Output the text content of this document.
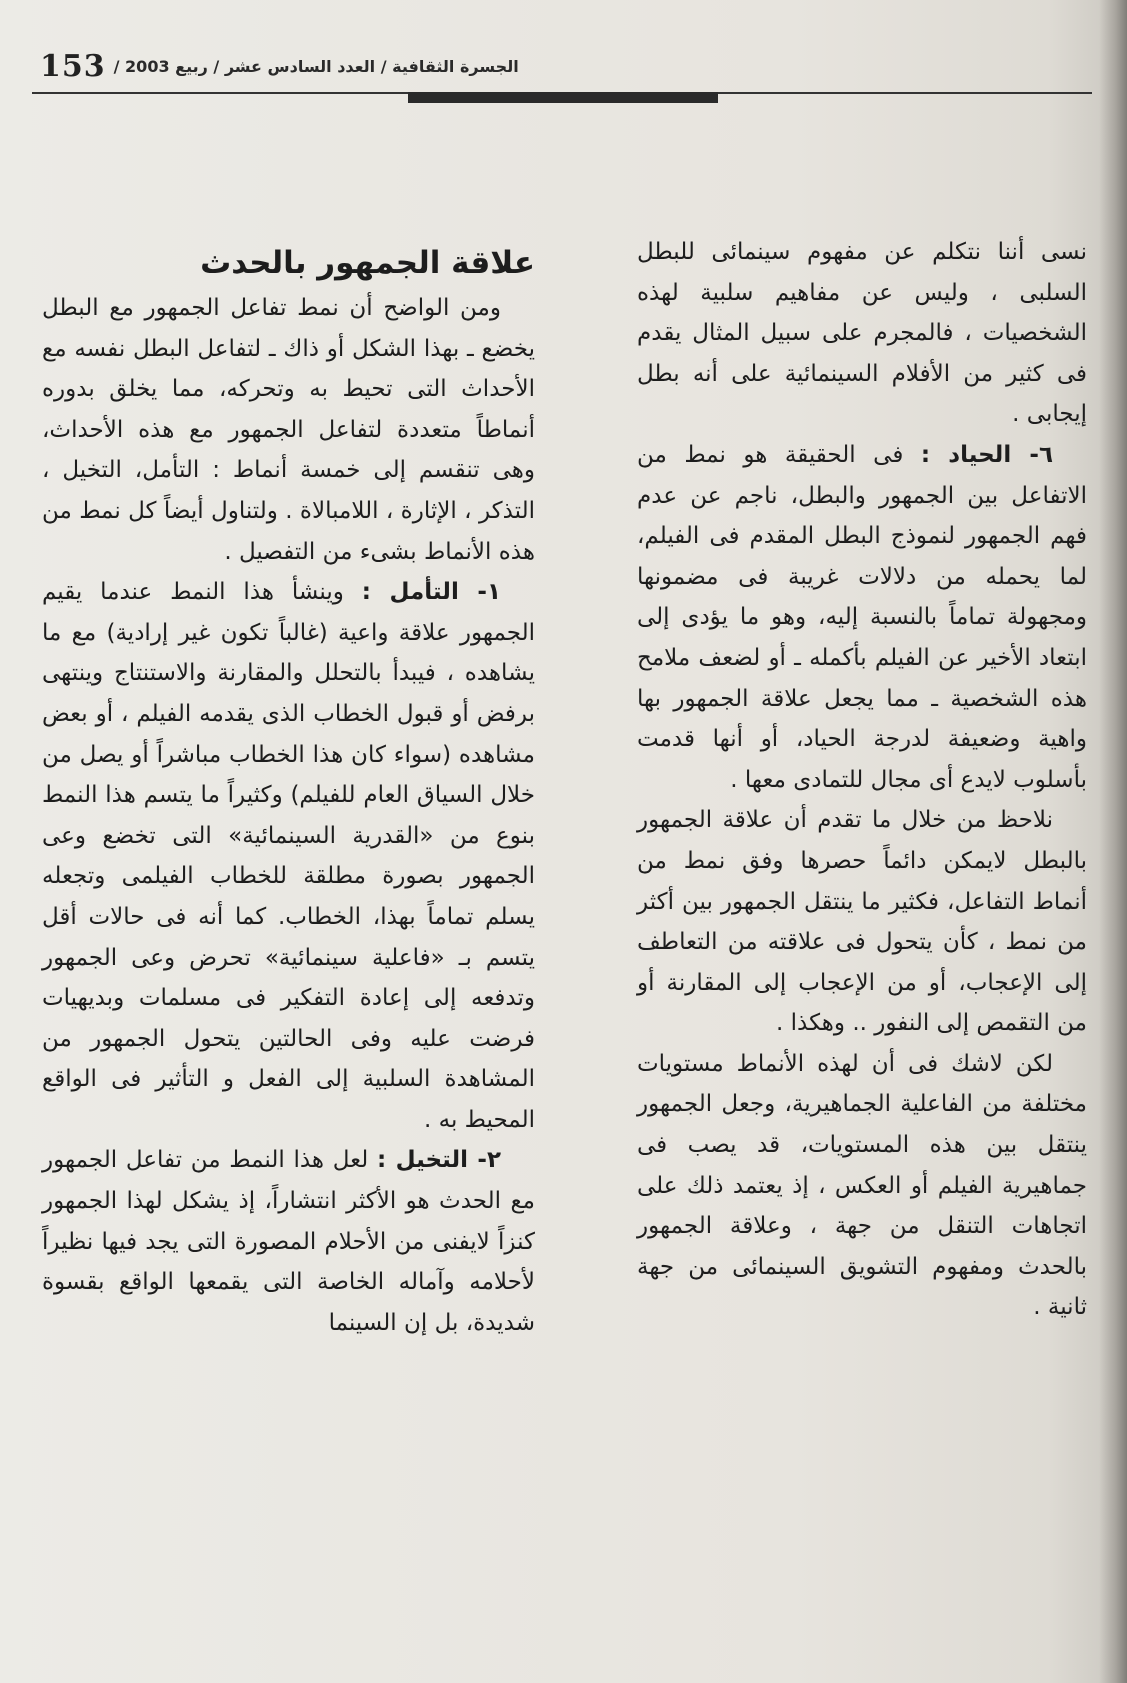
153 الجسرة الثقافية / العدد السادس عشر / ربيع 2003 /

نسى أننا نتكلم عن مفهوم سينمائى للبطل السلبى ، وليس عن مفاهيم سلبية لهذه الشخصيات ، فالمجرم على سبيل المثال يقدم فى كثير من الأفلام السينمائية على أنه بطل إيجابى .

٦- الحياد : فى الحقيقة هو نمط من الاتفاعل بين الجمهور والبطل، ناجم عن عدم فهم الجمهور لنموذج البطل المقدم فى الفيلم، لما يحمله من دلالات غريبة فى مضمونها ومجهولة تماماً بالنسبة إليه، وهو ما يؤدى إلى ابتعاد الأخير عن الفيلم بأكمله ـ أو لضعف ملامح هذه الشخصية ـ مما يجعل علاقة الجمهور بها واهية وضعيفة لدرجة الحياد، أو أنها قدمت بأسلوب لايدع أى مجال للتمادى معها .

نلاحظ من خلال ما تقدم أن علاقة الجمهور بالبطل لايمكن دائماً حصرها وفق نمط من أنماط التفاعل، فكثير ما ينتقل الجمهور بين أكثر من نمط ، كأن يتحول فى علاقته من التعاطف إلى الإعجاب، أو من الإعجاب إلى المقارنة أو من التقمص إلى النفور .. وهكذا .

لكن لاشك فى أن لهذه الأنماط مستويات مختلفة من الفاعلية الجماهيرية، وجعل الجمهور ينتقل بين هذه المستويات، قد يصب فى جماهيرية الفيلم أو العكس ، إذ يعتمد ذلك على اتجاهات التنقل من جهة ، وعلاقة الجمهور بالحدث ومفهوم التشويق السينمائى من جهة ثانية .

علاقة الجمهور بالحدث

ومن الواضح أن نمط تفاعل الجمهور مع البطل يخضع ـ بهذا الشكل أو ذاك ـ لتفاعل البطل نفسه مع الأحداث التى تحيط به وتحركه، مما يخلق بدوره أنماطاً متعددة لتفاعل الجمهور مع هذه الأحداث، وهى تنقسم إلى خمسة أنماط : التأمل، التخيل ، التذكر ، الإثارة ، اللامبالاة . ولتناول أيضاً كل نمط من هذه الأنماط بشىء من التفصيل .

١- التأمل : وينشأ هذا النمط عندما يقيم الجمهور علاقة واعية (غالباً تكون غير إرادية) مع ما يشاهده ، فيبدأ بالتحلل والمقارنة والاستنتاج وينتهى برفض أو قبول الخطاب الذى يقدمه الفيلم ، أو بعض مشاهده (سواء كان هذا الخطاب مباشراً أو يصل من خلال السياق العام للفيلم) وكثيراً ما يتسم هذا النمط بنوع من «القدرية السينمائية» التى تخضع وعى الجمهور بصورة مطلقة للخطاب الفيلمى وتجعله يسلم تماماً بهذا، الخطاب. كما أنه فى حالات أقل يتسم بـ «فاعلية سينمائية» تحرض وعى الجمهور وتدفعه إلى إعادة التفكير فى مسلمات وبديهيات فرضت عليه وفى الحالتين يتحول الجمهور من المشاهدة السلبية إلى الفعل و التأثير فى الواقع المحيط به .

٢- التخيل : لعل هذا النمط من تفاعل الجمهور مع الحدث هو الأكثر انتشاراً، إذ يشكل لهذا الجمهور كنزاً لايفنى من الأحلام المصورة التى يجد فيها نظيراً لأحلامه وآماله الخاصة التى يقمعها الواقع بقسوة شديدة، بل إن السينما
